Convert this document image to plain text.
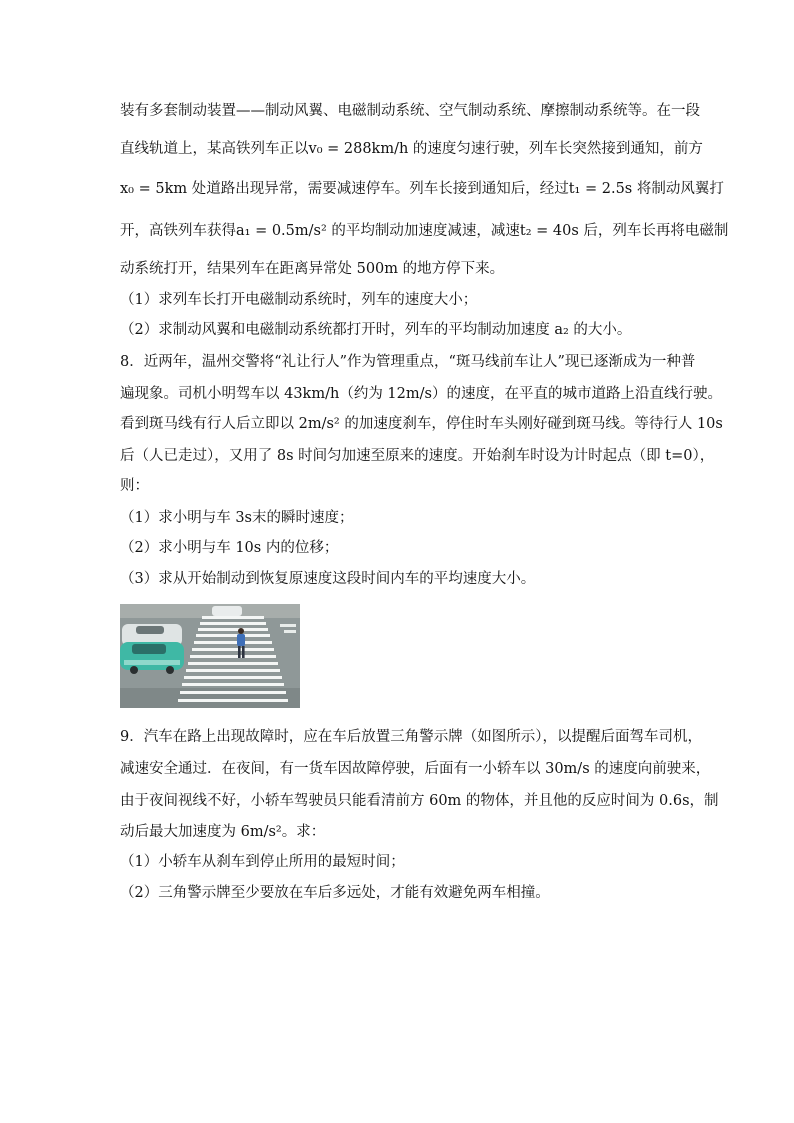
装有多套制动装置——制动风翼、电磁制动系统、空气制动系统、摩擦制动系统等。在一段
直线轨道上，某高铁列车正以v₀ = 288km/h 的速度匀速行驶，列车长突然接到通知，前方
x₀ = 5km 处道路出现异常，需要减速停车。列车长接到通知后，经过t₁ = 2.5s 将制动风翼打
开，高铁列车获得a₁ = 0.5m/s² 的平均制动加速度减速，减速t₂ = 40s 后，列车长再将电磁制
动系统打开，结果列车在距离异常处 500m 的地方停下来。
（1）求列车长打开电磁制动系统时，列车的速度大小；
（2）求制动风翼和电磁制动系统都打开时，列车的平均制动加速度 a₂ 的大小。
8．近两年，温州交警将“礼让行人”作为管理重点，“斑马线前车让人”现已逐渐成为一种普
遍现象。司机小明驾车以 43km/h（约为 12m/s）的速度，在平直的城市道路上沿直线行驶。
看到斑马线有行人后立即以 2m/s² 的加速度刹车，停住时车头刚好碰到斑马线。等待行人 10s
后（人已走过），又用了 8s 时间匀加速至原来的速度。开始刹车时设为计时起点（即 t=0），
则：
（1）求小明与车 3s末的瞬时速度；
（2）求小明与车 10s 内的位移；
（3）求从开始制动到恢复原速度这段时间内车的平均速度大小。
9．汽车在路上出现故障时，应在车后放置三角警示牌（如图所示），以提醒后面驾车司机，
减速安全通过．在夜间，有一货车因故障停驶，后面有一小轿车以 30m/s 的速度向前驶来，
由于夜间视线不好，小轿车驾驶员只能看清前方 60m 的物体，并且他的反应时间为 0.6s，制
动后最大加速度为 6m/s²。求：
（1）小轿车从刹车到停止所用的最短时间；
（2）三角警示牌至少要放在车后多远处，才能有效避免两车相撞。
